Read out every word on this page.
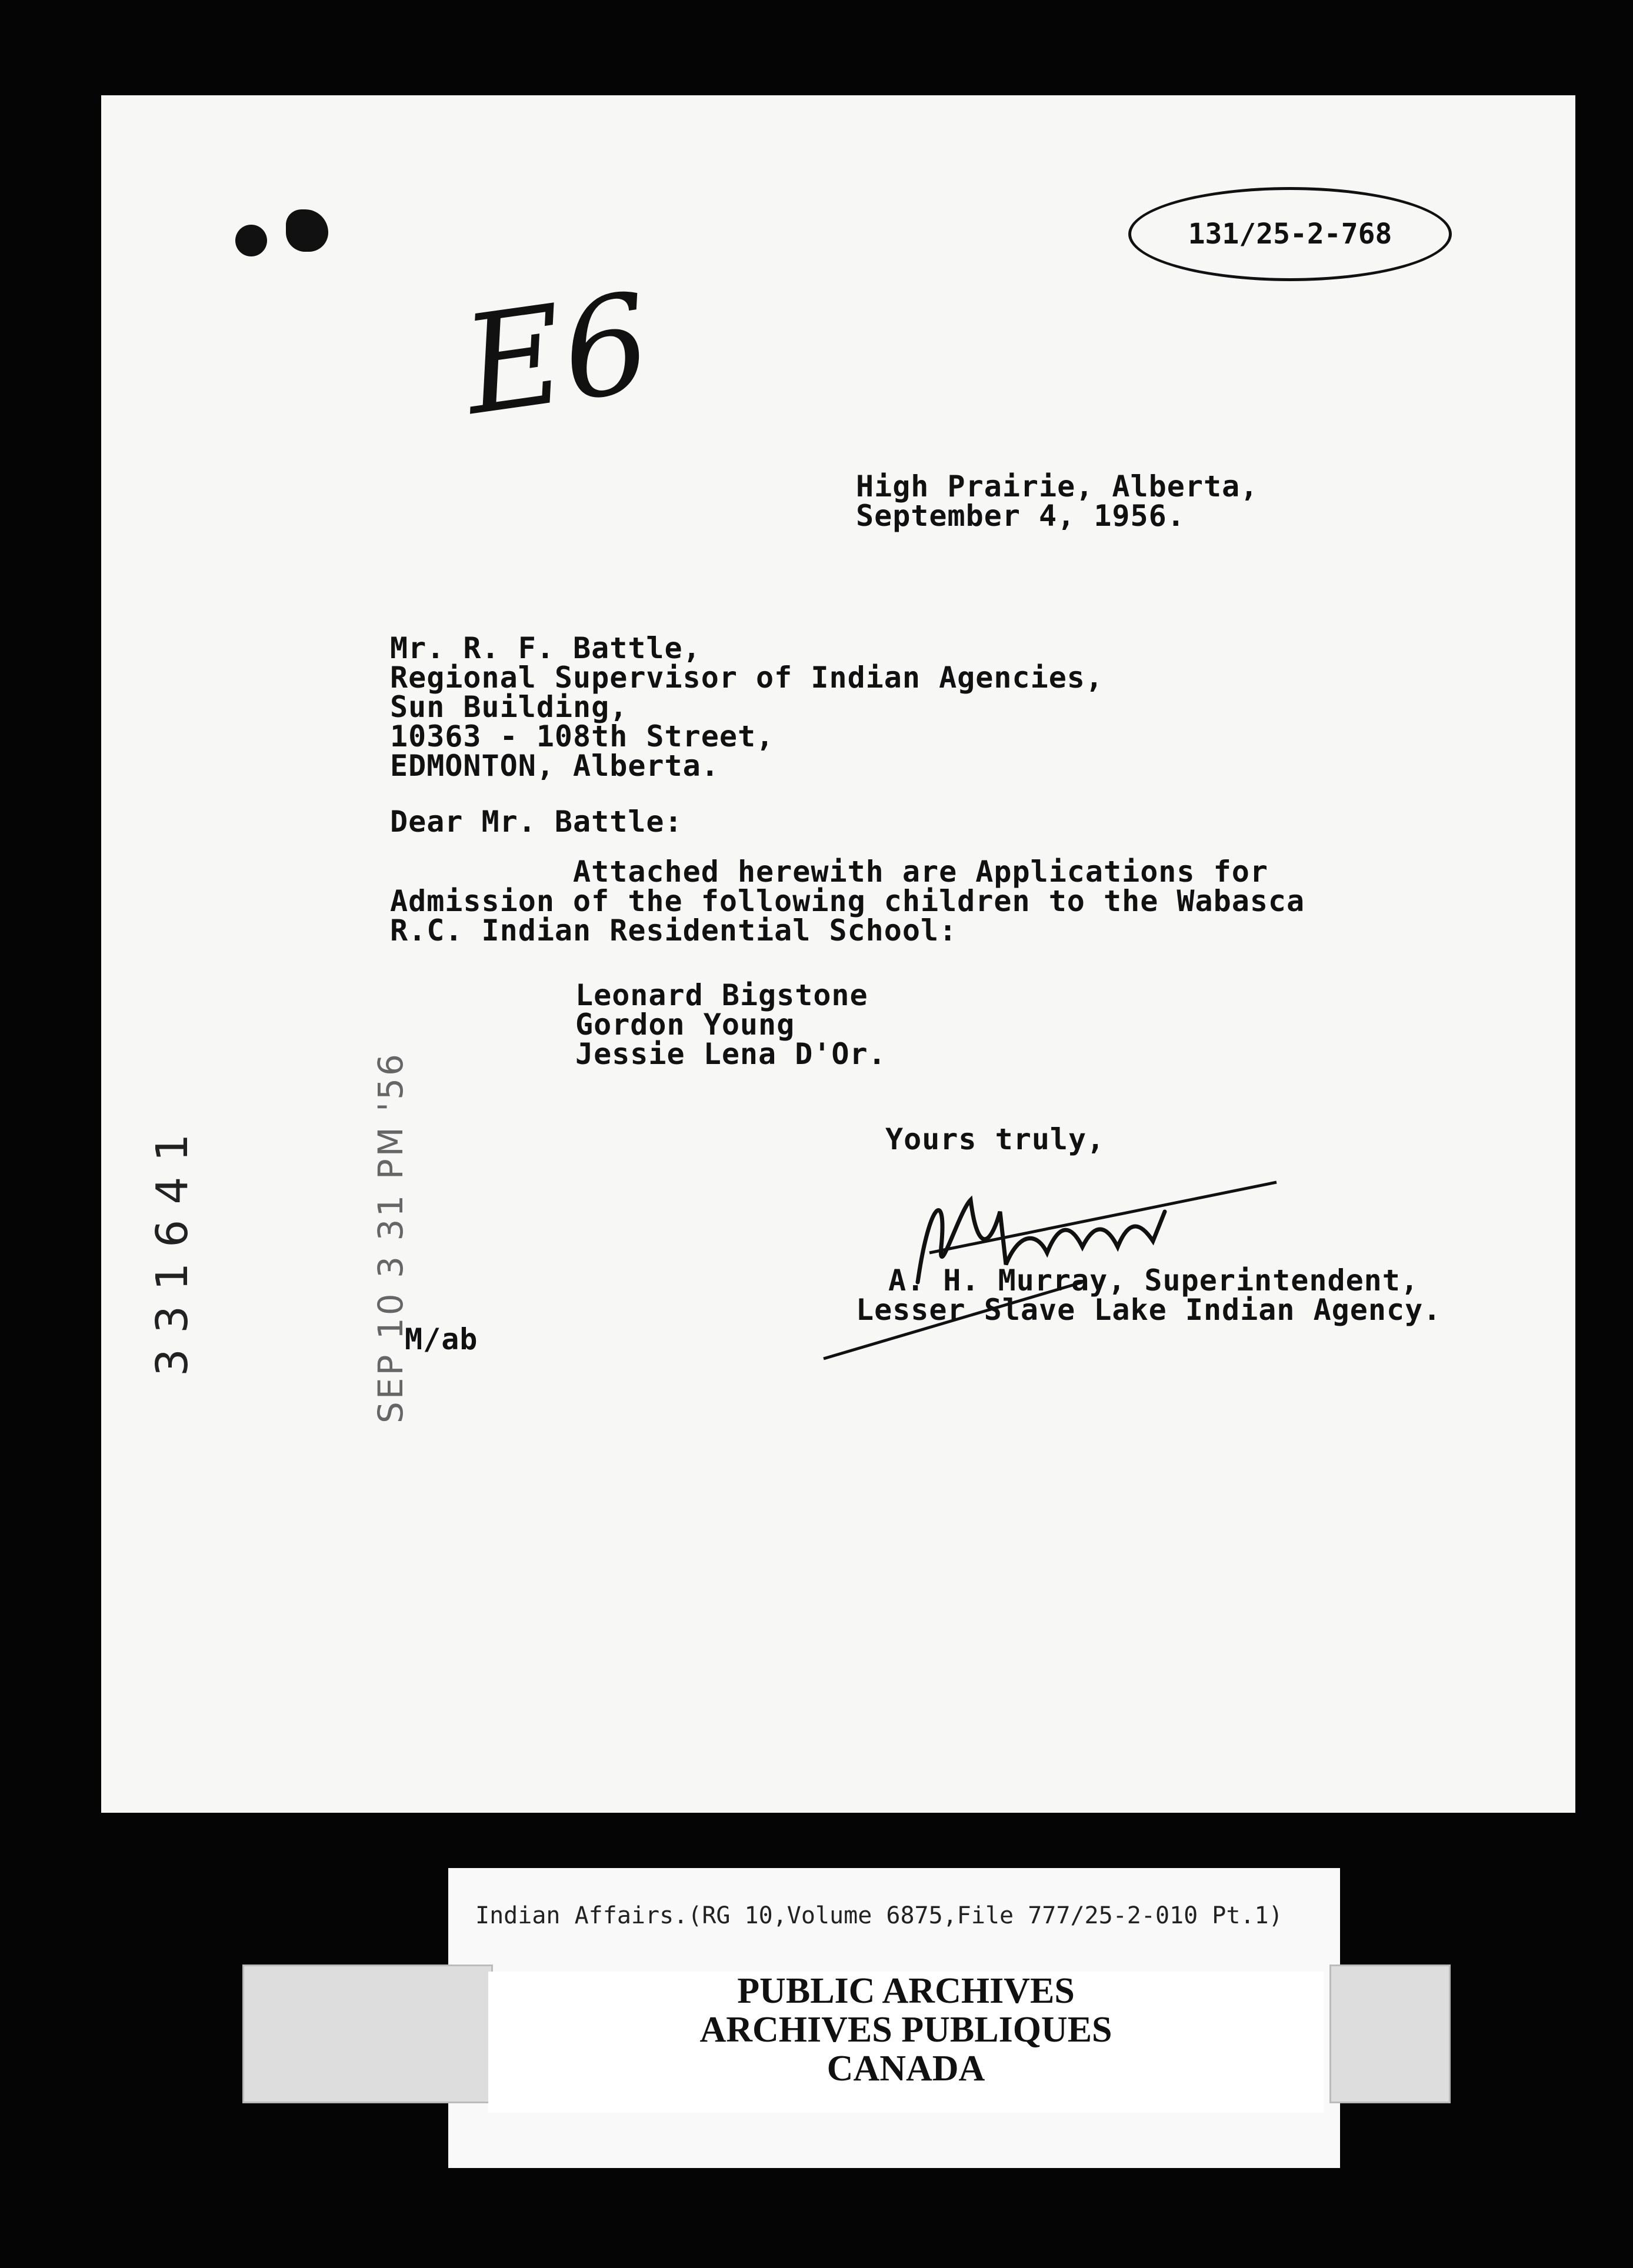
131/25-2-768
E6
High Prairie, Alberta,
September 4, 1956.
Mr. R. F. Battle,
Regional Supervisor of Indian Agencies,
Sun Building,
10363 - 108th Street,
EDMONTON, Alberta.
Dear Mr. Battle:
Attached herewith are Applications for
Admission of the following children to the Wabasca
R.C. Indian Residential School:
Leonard Bigstone
Gordon Young
Jessie Lena D'Or.
Yours truly,
A. H. Murray, Superintendent,
Lesser Slave Lake Indian Agency.
M/ab
SEP 10 3 31 PM '56
331641
Indian Affairs.(RG 10,Volume 6875,File 777/25-2-010 Pt.1)
PUBLIC ARCHIVES
ARCHIVES PUBLIQUES
CANADA
